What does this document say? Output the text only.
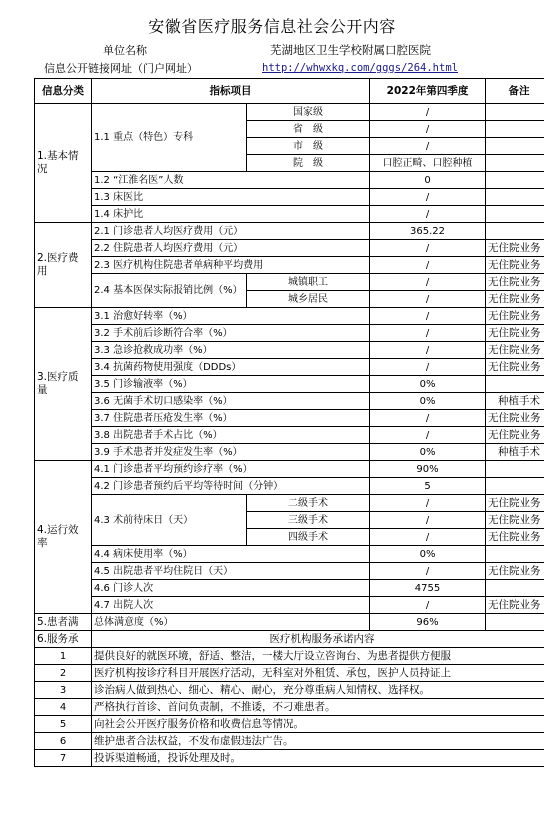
安徽省医疗服务信息社会公开内容
单位名称	芜湖地区卫生学校附属口腔医院
信息公开链接网址（门户网址）	http://whwxkq.com/gggs/264.html
信息分类	指标项目		2022年第四季度	备注
1.基本情况	1.1 重点（特色）专科	国家级	/	
		省　级	/	
		市　级	/	
		院　级	口腔正畸、口腔种植	
	1.2 “江淮名医”人数		0	
	1.3 床医比		/	
	1.4 床护比		/	
2.医疗费用	2.1 门诊患者人均医疗费用（元）		365.22	
	2.2 住院患者人均医疗费用（元）		/	无住院业务
	2.3 医疗机构住院患者单病种平均费用		/	无住院业务
	2.4 基本医保实际报销比例（%）	城镇职工	/	无住院业务
		城乡居民	/	无住院业务
3.医疗质量	3.1 治愈好转率（%）		/	无住院业务
	3.2 手术前后诊断符合率（%）		/	无住院业务
	3.3 急诊抢救成功率（%）		/	无住院业务
	3.4 抗菌药物使用强度（DDDs）		/	无住院业务
	3.5 门诊输液率（%）		0%	
	3.6 无菌手术切口感染率（%）		0%	种植手术
	3.7 住院患者压疮发生率（%）		/	无住院业务
	3.8 出院患者手术占比（%）		/	无住院业务
	3.9 手术患者并发症发生率（%）		0%	种植手术
4.运行效率	4.1 门诊患者平均预约诊疗率（%）		90%	
	4.2 门诊患者预约后平均等待时间（分钟）		5	
	4.3 术前待床日（天）	二级手术	/	无住院业务
		三级手术	/	无住院业务
		四级手术	/	无住院业务
	4.4 病床使用率（%）		0%	
	4.5 出院患者平均住院日（天）		/	无住院业务
	4.6 门诊人次		4755	
	4.7 出院人次		/	无住院业务
5.患者满	总体满意度（%）		96%	
6.服务承	医疗机构服务承诺内容			
1	提供良好的就医环境，舒适、整洁，一楼大厅设立咨询台、为患者提供方便服			
2	医疗机构按诊疗科目开展医疗活动，无科室对外租赁、承包，医护人员持证上			
3	诊治病人做到热心、细心、精心、耐心，充分尊重病人知情权、选择权。			
4	严格执行首诊、首问负责制，不推诿，不刁难患者。			
5	向社会公开医疗服务价格和收费信息等情况。			
6	维护患者合法权益，不发布虚假违法广告。			
7	投诉渠道畅通，投诉处理及时。			
